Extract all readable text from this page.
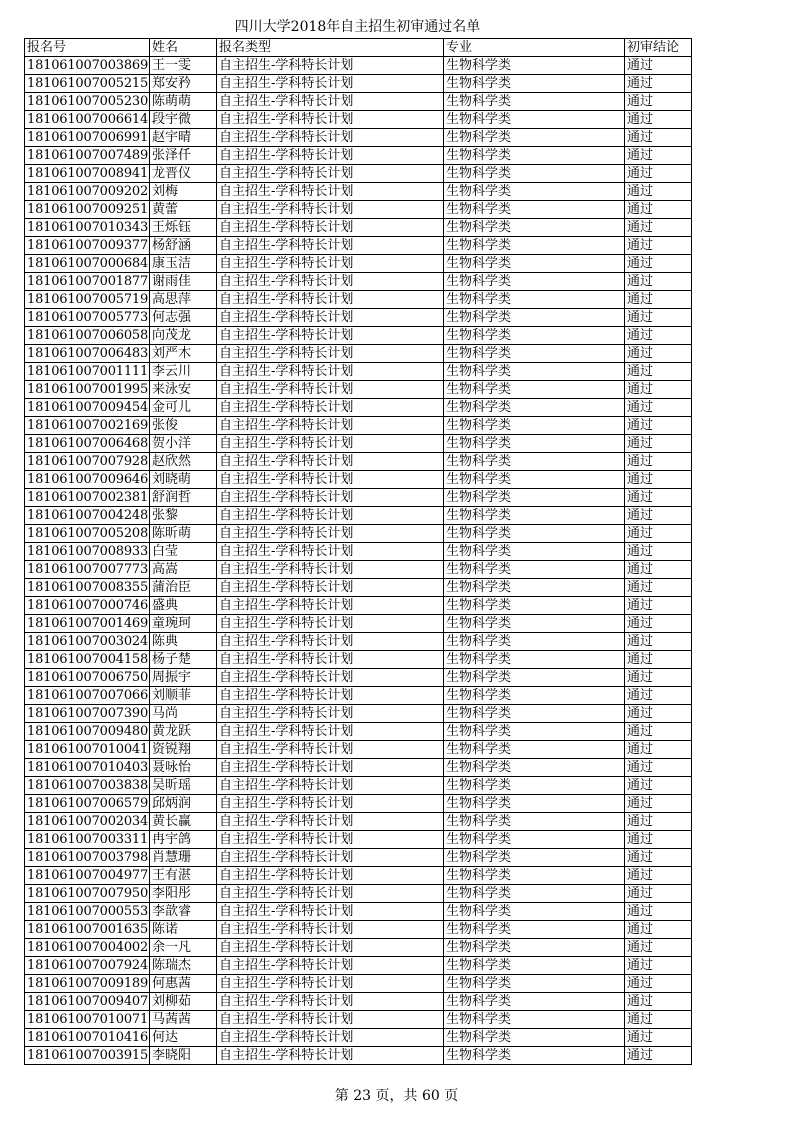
四川大学2018年自主招生初审通过名单
报名号	姓名	报名类型	专业	初审结论
181061007003869	王一雯	自主招生-学科特长计划	生物科学类	通过
181061007005215	郑安矜	自主招生-学科特长计划	生物科学类	通过
181061007005230	陈萌萌	自主招生-学科特长计划	生物科学类	通过
181061007006614	段宇微	自主招生-学科特长计划	生物科学类	通过
181061007006991	赵宇晴	自主招生-学科特长计划	生物科学类	通过
181061007007489	张泽仟	自主招生-学科特长计划	生物科学类	通过
181061007008941	龙晋仪	自主招生-学科特长计划	生物科学类	通过
181061007009202	刘梅	自主招生-学科特长计划	生物科学类	通过
181061007009251	黄蕾	自主招生-学科特长计划	生物科学类	通过
181061007010343	王烁钰	自主招生-学科特长计划	生物科学类	通过
181061007009377	杨舒涵	自主招生-学科特长计划	生物科学类	通过
181061007000684	康玉洁	自主招生-学科特长计划	生物科学类	通过
181061007001877	谢雨佳	自主招生-学科特长计划	生物科学类	通过
181061007005719	高思萍	自主招生-学科特长计划	生物科学类	通过
181061007005773	何志强	自主招生-学科特长计划	生物科学类	通过
181061007006058	向茂龙	自主招生-学科特长计划	生物科学类	通过
181061007006483	刘严木	自主招生-学科特长计划	生物科学类	通过
181061007001111	李云川	自主招生-学科特长计划	生物科学类	通过
181061007001995	来泳安	自主招生-学科特长计划	生物科学类	通过
181061007009454	金可儿	自主招生-学科特长计划	生物科学类	通过
181061007002169	张俊	自主招生-学科特长计划	生物科学类	通过
181061007006468	贺小洋	自主招生-学科特长计划	生物科学类	通过
181061007007928	赵欣然	自主招生-学科特长计划	生物科学类	通过
181061007009646	刘晓萌	自主招生-学科特长计划	生物科学类	通过
181061007002381	舒润哲	自主招生-学科特长计划	生物科学类	通过
181061007004248	张黎	自主招生-学科特长计划	生物科学类	通过
181061007005208	陈昕萌	自主招生-学科特长计划	生物科学类	通过
181061007008933	白莹	自主招生-学科特长计划	生物科学类	通过
181061007007773	高嵩	自主招生-学科特长计划	生物科学类	通过
181061007008355	蒲治臣	自主招生-学科特长计划	生物科学类	通过
181061007000746	盛典	自主招生-学科特长计划	生物科学类	通过
181061007001469	童琬珂	自主招生-学科特长计划	生物科学类	通过
181061007003024	陈典	自主招生-学科特长计划	生物科学类	通过
181061007004158	杨子楚	自主招生-学科特长计划	生物科学类	通过
181061007006750	周振宇	自主招生-学科特长计划	生物科学类	通过
181061007007066	刘顺菲	自主招生-学科特长计划	生物科学类	通过
181061007007390	马尚	自主招生-学科特长计划	生物科学类	通过
181061007009480	黄龙跃	自主招生-学科特长计划	生物科学类	通过
181061007010041	资锐翔	自主招生-学科特长计划	生物科学类	通过
181061007010403	聂咏怡	自主招生-学科特长计划	生物科学类	通过
181061007003838	吴昕瑶	自主招生-学科特长计划	生物科学类	通过
181061007006579	邱炳润	自主招生-学科特长计划	生物科学类	通过
181061007002034	黄长赢	自主招生-学科特长计划	生物科学类	通过
181061007003311	冉宇鸽	自主招生-学科特长计划	生物科学类	通过
181061007003798	肖慧珊	自主招生-学科特长计划	生物科学类	通过
181061007004977	王有湛	自主招生-学科特长计划	生物科学类	通过
181061007007950	李阳彤	自主招生-学科特长计划	生物科学类	通过
181061007000553	李歆睿	自主招生-学科特长计划	生物科学类	通过
181061007001635	陈诺	自主招生-学科特长计划	生物科学类	通过
181061007004002	余一凡	自主招生-学科特长计划	生物科学类	通过
181061007007924	陈瑞杰	自主招生-学科特长计划	生物科学类	通过
181061007009189	何惠茜	自主招生-学科特长计划	生物科学类	通过
181061007009407	刘柳茹	自主招生-学科特长计划	生物科学类	通过
181061007010071	马茜茜	自主招生-学科特长计划	生物科学类	通过
181061007010416	何达	自主招生-学科特长计划	生物科学类	通过
181061007003915	李晓阳	自主招生-学科特长计划	生物科学类	通过
第 23 页，共 60 页
